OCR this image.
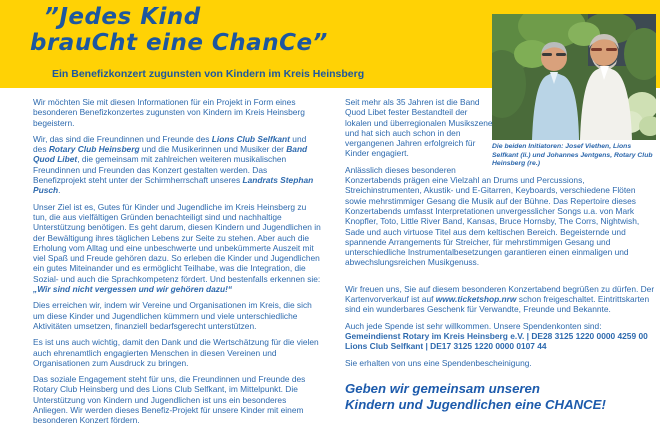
”Jedes Kind
brauCht eine ChanCe”
Ein Benefizkonzert zugunsten von Kindern im Kreis Heinsberg
Die beiden Initiatoren: Josef Viethen, Lions Selfkant (li.) und Johannes Jentgens, Rotary Club Heinsberg (re.)

Wir möchten Sie mit diesen Informationen für ein Projekt in Form eines besonderen Benefizkonzertes zugunsten von Kindern im Kreis Heinsberg begeistern.

Wir, das sind die Freundinnen und Freunde des Lions Club Selfkant und des Rotary Club Heinsberg und die Musikerinnen und Musiker der Band Quod Libet, die gemeinsam mit zahlreichen weiteren musikalischen Freundinnen und Freunden das Konzert gestalten werden. Das Benefizprojekt steht unter der Schirmherrschaft unseres Landrats Stephan Pusch.

Unser Ziel ist es, Gutes für Kinder und Jugendliche im Kreis Heinsberg zu tun, die aus vielfältigen Gründen benachteiligt sind und nachhaltige Unterstützung benötigen. Es geht darum, diesen Kindern und Jugendlichen in der Bewältigung ihres täglichen Lebens zur Seite zu stehen. Aber auch die Erholung vom Alltag und eine unbeschwerte und unbekümmerte Auszeit mit viel Spaß und Freude gehören dazu. So erleben die Kinder und Jugendlichen ein gutes Miteinander und es ermöglicht Teilhabe, was die Integration, die Sozial- und auch die Sprachkompetenz fördert. Und bestenfalls erkennen sie: „Wir sind nicht vergessen und wir gehören dazu!“

Dies erreichen wir, indem wir Vereine und Organisationen im Kreis, die sich um diese Kinder und Jugendlichen kümmern und viele unterschiedliche Aktivitäten umsetzen, finanziell bedarfsgerecht unterstützen.

Es ist uns auch wichtig, damit den Dank und die Wertschätzung für die vielen auch ehrenamtlich engagierten Menschen in diesen Vereinen und Organisationen zum Ausdruck zu bringen.

Das soziale Engagement steht für uns, die Freundinnen und Freunde des Rotary Club Heinsberg und des Lions Club Selfkant, im Mittelpunkt. Die Unterstützung von Kindern und Jugendlichen ist uns ein besonderes Anliegen. Wir werden dieses Benefiz-Projekt für unsere Kinder mit einem besonderen Konzert fördern.

Seit mehr als 35 Jahren ist die Band Quod Libet fester Bestandteil der lokalen und überregionalen Musikszene und hat sich auch schon in den vergangenen Jahren erfolgreich für Kinder engagiert.

Anlässlich dieses besonderen Konzertabends prägen eine Vielzahl an Drums und Percussions, Streichinstrumenten, Akustik- und E-Gitarren, Keyboards, verschiedene Flöten sowie mehrstimmiger Gesang die Musik auf der Bühne. Das Repertoire dieses Konzertabends umfasst Interpretationen unvergesslicher Songs u.a. von Mark Knopfler, Toto, Little River Band, Kansas, Bruce Hornsby, The Corrs, Nightwish, Sade und auch virtuose Titel aus dem keltischen Bereich. Begeisternde und spannende Arrangements für Streicher, für mehrstimmigen Gesang und unterschiedliche Instrumentalbesetzungen garantieren einen einmaligen und abwechslungsreichen Musikgenuss.

Wir freuen uns, Sie auf diesem besonderen Konzertabend begrüßen zu dürfen. Der Kartenvorverkauf ist auf www.ticketshop.nrw schon freigeschaltet. Eintrittskarten sind ein wunderbares Geschenk für Verwandte, Freunde und Bekannte.

Auch jede Spende ist sehr willkommen. Unsere Spendenkonten sind:
Gemeindienst Rotary im Kreis Heinsberg e.V. | DE28 3125 1220 0000 4259 00
Lions Club Selfkant | DE17 3125 1220 0000 0107 44

Sie erhalten von uns eine Spendenbescheinigung.

Geben wir gemeinsam unseren
Kindern und Jugendlichen eine CHANCE!
